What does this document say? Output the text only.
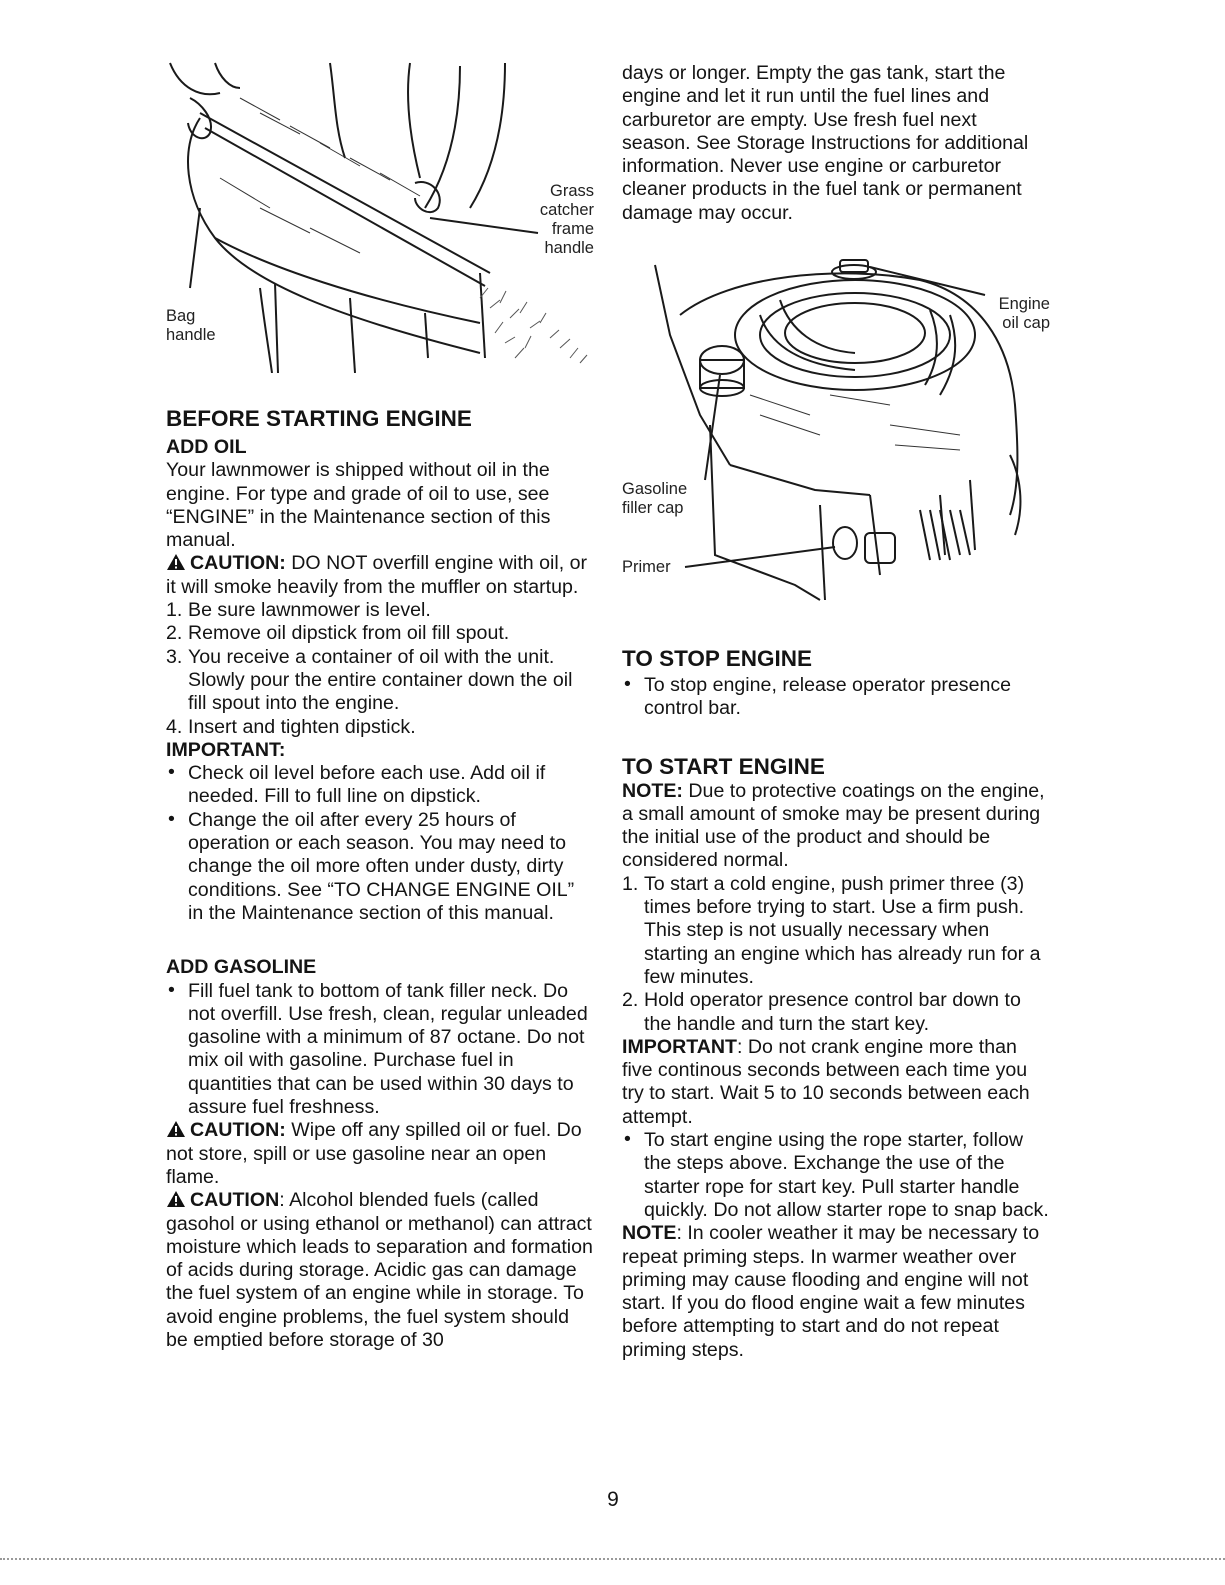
Grass
catcher
frame
handle
Bag
handle
BEFORE STARTING ENGINE
ADD OIL

Your lawnmower is shipped without oil in the engine. For type and grade of oil to use, see “ENGINE” in the Maintenance section of this manual.

CAUTION: DO NOT overfill engine with oil, or it will smoke heavily from the muffler on startup.

1. Be sure lawnmower is level.
2. Remove oil dipstick from oil fill spout.
3. You receive a container of oil with the unit. Slowly pour the entire container down the oil fill spout into the engine.
4. Insert and tighten dipstick.

IMPORTANT:

• Check oil level before each use. Add oil if needed. Fill to full line on dipstick.
• Change the oil after every 25 hours of operation or each season. You may need to change the oil more often under dusty, dirty conditions. See “TO CHANGE ENGINE OIL” in the Maintenance section of this manual.
ADD GASOLINE
• Fill fuel tank to bottom of tank filler neck. Do not overfill. Use fresh, clean, regular unleaded gasoline with a minimum of 87 octane. Do not mix oil with gasoline. Purchase fuel in quantities that can be used within 30 days to assure fuel freshness.

CAUTION: Wipe off any spilled oil or fuel. Do not store, spill or use gasoline near an open flame.

CAUTION: Alcohol blended fuels (called gasohol or using ethanol or methanol) can attract moisture which leads to separation and formation of acids during storage. Acidic gas can damage the fuel system of an engine while in storage. To avoid engine problems, the fuel system should be emptied before storage of 30

days or longer. Empty the gas tank, start the engine and let it run until the fuel lines and carburetor are empty. Use fresh fuel next season. See Storage Instructions for additional information. Never use engine or carburetor cleaner products in the fuel tank or permanent damage may occur.

Engine
oil cap
Gasoline
filler cap
Primer
TO STOP ENGINE
• To stop engine, release operator presence control bar.
TO START ENGINE

NOTE: Due to protective coatings on the engine, a small amount of smoke may be present during the initial use of the product and should be considered normal.

1. To start a cold engine, push primer three (3) times before trying to start. Use a firm push. This step is not usually necessary when starting an engine which has already run for a few minutes.
2. Hold operator presence control bar down to the handle and turn the start key.

IMPORTANT: Do not crank engine more than five continous seconds between each time you try to start. Wait 5 to 10 seconds between each attempt.

• To start engine using the rope starter, follow the steps above. Exchange the use of the starter rope for start key. Pull starter handle quickly. Do not allow starter rope to snap back.

NOTE: In cooler weather it may be necessary to repeat priming steps. In warmer weather over priming may cause flooding and engine will not start. If you do flood engine wait a few minutes before attempting to start and do not repeat priming steps.

9
